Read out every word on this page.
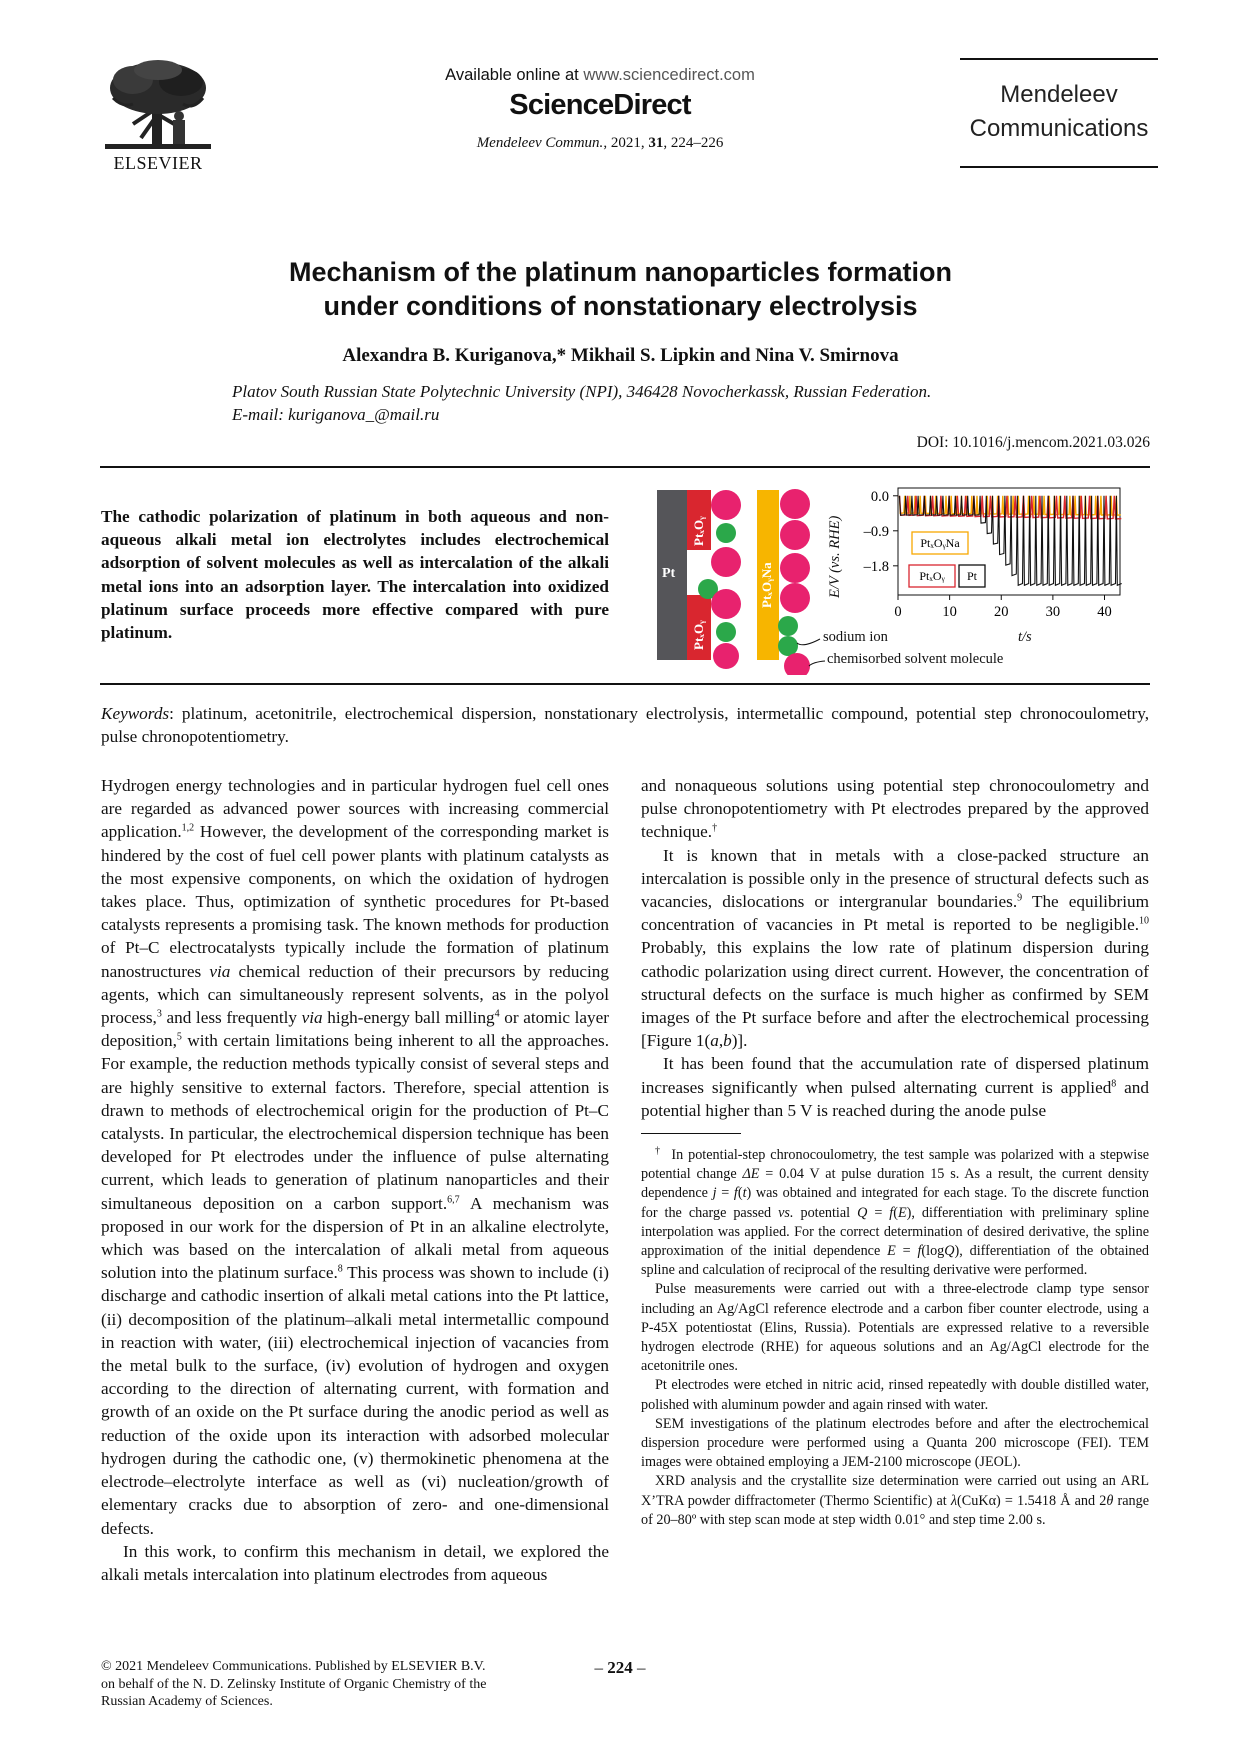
ELSEVIER
Available online at www.sciencedirect.com
ScienceDirect
Mendeleev Commun., 2021, 31, 224–226
Mendeleev
Communications
Mechanism of the platinum nanoparticles formation
under conditions of nonstationary electrolysis
Alexandra B. Kuriganova,* Mikhail S. Lipkin and Nina V. Smirnova
Platov South Russian State Polytechnic University (NPI), 346428 Novocherkassk, Russian Federation.
E-mail: kuriganova_@mail.ru
DOI: 10.1016/j.mencom.2021.03.026
The cathodic polarization of platinum in both aqueous and nonaqueous alkali metal ion electrolytes includes electrochemical adsorption of solvent molecules as well as intercalation of the alkali metal ions into an adsorption layer. The intercalation into oxidized platinum surface proceeds more effective compared with pure platinum.
Pt
PtₓOᵧ
PtₓOᵧ
PtₓOᵧNa
sodium ion
chemisorbed solvent molecule
0.0
–0.9
–1.8
0	10	20	30	40
PtₓOᵧNa
PtₓOᵧ Pt
E/V (vs. RHE)
t/s
Keywords: platinum, acetonitrile, electrochemical dispersion, nonstationary electrolysis, intermetallic compound, potential step chronocoulometry, pulse chronopotentiometry.

Hydrogen energy technologies and in particular hydrogen fuel cell ones are regarded as advanced power sources with increasing commercial application.$^{1,2}$ However, the development of the corresponding market is hindered by the cost of fuel cell power plants with platinum catalysts as the most expensive components, on which the oxidation of hydrogen takes place. Thus, optimization of synthetic procedures for Pt-based catalysts represents a promising task. The known methods for production of Pt–C electrocatalysts typically include the formation of platinum nanostructures via chemical reduction of their precursors by reducing agents, which can simultaneously represent solvents, as in the polyol process,$^3$ and less frequently via high-energy ball milling$^4$ or atomic layer deposition,$^5$ with certain limitations being inherent to all the approaches. For example, the reduction methods typically consist of several steps and are highly sensitive to external factors. Therefore, special attention is drawn to methods of electrochemical origin for the production of Pt–C catalysts. In particular, the electrochemical dispersion technique has been developed for Pt electrodes under the influence of pulse alternating current, which leads to generation of platinum nanoparticles and their simultaneous deposition on a carbon support.$^{6,7}$ A mechanism was proposed in our work for the dispersion of Pt in an alkaline electrolyte, which was based on the intercalation of alkali metal from aqueous solution into the platinum surface.$^8$ This process was shown to include (i) discharge and cathodic insertion of alkali metal cations into the Pt lattice, (ii) decomposition of the platinum–alkali metal intermetallic compound in reaction with water, (iii) electrochemical injection of vacancies from the metal bulk to the surface, (iv) evolution of hydrogen and oxygen according to the direction of alternating current, with formation and growth of an oxide on the Pt surface during the anodic period as well as reduction of the oxide upon its interaction with adsorbed molecular hydrogen during the cathodic one, (v) thermokinetic phenomena at the electrode–electrolyte interface as well as (vi) nucleation/growth of elementary cracks due to absorption of zero- and one-dimensional defects.

In this work, to confirm this mechanism in detail, we explored the alkali metals intercalation into platinum electrodes from aqueous

and nonaqueous solutions using potential step chronocoulometry and pulse chronopotentiometry with Pt electrodes prepared by the approved technique.†

It is known that in metals with a close-packed structure an intercalation is possible only in the presence of structural defects such as vacancies, dislocations or intergranular boundaries.$^9$ The equilibrium concentration of vacancies in Pt metal is reported to be negligible.$^{10}$ Probably, this explains the low rate of platinum dispersion during cathodic polarization using direct current. However, the concentration of structural defects on the surface is much higher as confirmed by SEM images of the Pt surface before and after the electrochemical processing [Figure 1(a,b)].

It has been found that the accumulation rate of dispersed platinum increases significantly when pulsed alternating current is applied$^8$ and potential higher than 5 V is reached during the anode pulse

† In potential-step chronocoulometry, the test sample was polarized with a stepwise potential change ΔE = 0.04 V at pulse duration 15 s. As a result, the current density dependence j = f(t) was obtained and integrated for each stage. To the discrete function for the charge passed vs. potential Q = f(E), differentiation with preliminary spline interpolation was applied. For the correct determination of desired derivative, the spline approximation of the initial dependence E = f(logQ), differentiation of the obtained spline and calculation of reciprocal of the resulting derivative were performed.

Pulse measurements were carried out with a three-electrode clamp type sensor including an Ag/AgCl reference electrode and a carbon fiber counter electrode, using a P-45X potentiostat (Elins, Russia). Potentials are expressed relative to a reversible hydrogen electrode (RHE) for aqueous solutions and an Ag/AgCl electrode for the acetonitrile ones.

Pt electrodes were etched in nitric acid, rinsed repeatedly with double distilled water, polished with aluminum powder and again rinsed with water.

SEM investigations of the platinum electrodes before and after the electrochemical dispersion procedure were performed using a Quanta 200 microscope (FEI). TEM images were obtained employing a JEM-2100 microscope (JEOL).

XRD analysis and the crystallite size determination were carried out using an ARL X’TRA powder diffractometer (Thermo Scientific) at λ(CuKα) = 1.5418 Å and 2θ range of 20–80º with step scan mode at step width 0.01° and step time 2.00 s.

© 2021 Mendeleev Communications. Published by ELSEVIER B.V.
on behalf of the N. D. Zelinsky Institute of Organic Chemistry of the
Russian Academy of Sciences.
– 224 –
